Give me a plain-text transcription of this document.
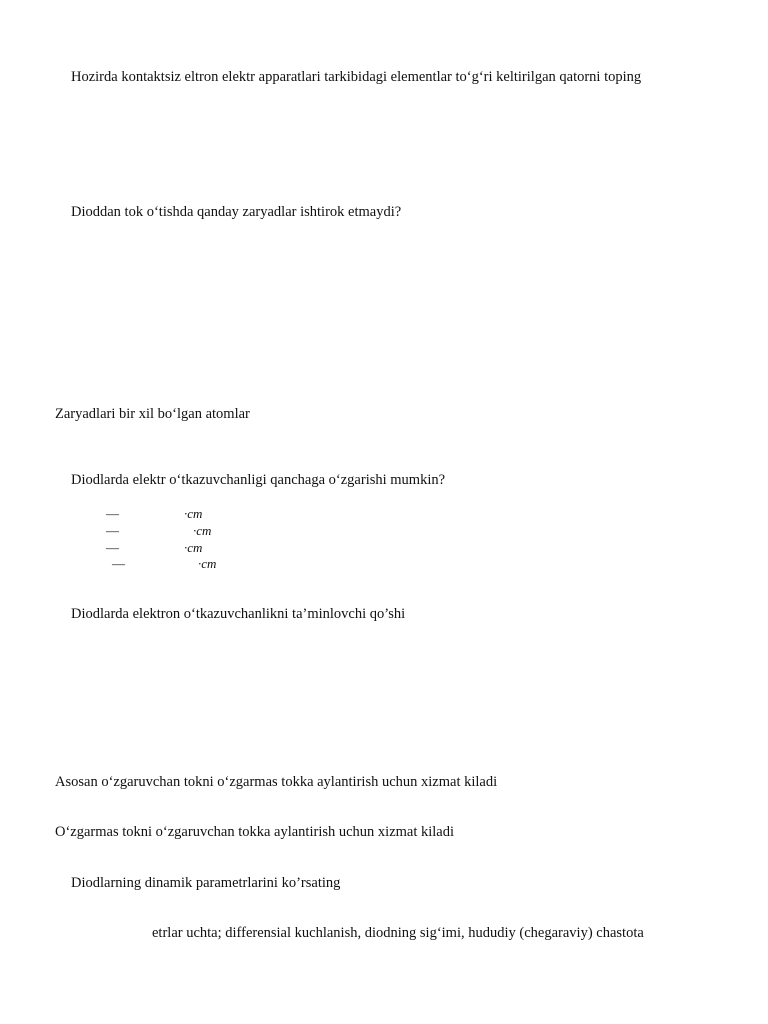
Hozirda kontaktsiz eltron elektr apparatlari tarkibidagi elementlar to‘g‘ri keltirilgan qatorni toping
Dioddan tok o‘tishda qanday zaryadlar ishtirok etmaydi?
Zaryadlari bir xil bo‘lgan atomlar
Diodlarda elektr o‘tkazuvchanligi qanchaga o‘zgarishi mumkin?
—	·cm
—	·cm
—	·cm
—	·cm
Diodlarda elektron o‘tkazuvchanlikni ta’minlovchi qo’shi
Asosan o‘zgaruvchan tokni o‘zgarmas tokka aylantirish uchun xizmat kiladi
O‘zgarmas tokni o‘zgaruvchan tokka aylantirish uchun xizmat kiladi
Diodlarning dinamik parametrlarini ko’rsating
etrlar uchta; differensial kuchlanish, diodning sig‘imi, hududiy (chegaraviy) chastota
